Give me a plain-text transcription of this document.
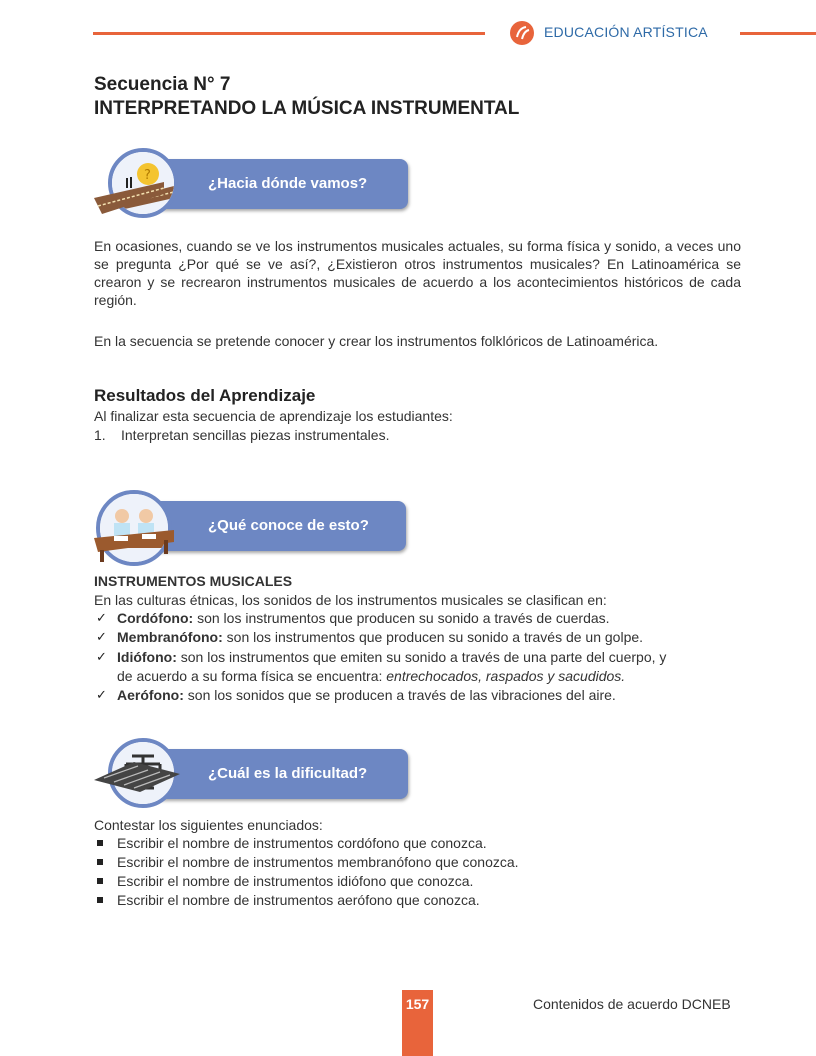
EDUCACIÓN ARTÍSTICA
Secuencia N° 7
INTERPRETANDO LA MÚSICA INSTRUMENTAL
¿Hacia dónde vamos?
?

En ocasiones, cuando se ve los instrumentos musicales actuales, su forma física y sonido, a veces uno se pregunta ¿Por qué se ve así?, ¿Existieron otros instrumentos musicales? En Latinoamérica se crearon y se recrearon instrumentos musicales de acuerdo a los acontecimientos históricos de cada región.

En la secuencia se pretende conocer y crear los instrumentos folklóricos de Latinoamérica.

Resultados del Aprendizaje
Al finalizar esta secuencia de aprendizaje los estudiantes:
1. Interpretan sencillas piezas instrumentales.
¿Qué conoce de esto?
INSTRUMENTOS MUSICALES
En las culturas étnicas, los sonidos de los instrumentos musicales se clasifican en:
✓ Cordófono: son los instrumentos que producen su sonido a través de cuerdas.
✓ Membranófono: son los instrumentos que producen su sonido a través de un golpe.
✓ Idiófono: son los instrumentos que emiten su sonido a través de una parte del cuerpo, y
de acuerdo a su forma física se encuentra: entrechocados, raspados y sacudidos.
✓ Aerófono: son los sonidos que se producen a través de las vibraciones del aire.
¿Cuál es la dificultad?
Contestar los siguientes enunciados:
Escribir el nombre de instrumentos cordófono que conozca.
Escribir el nombre de instrumentos membranófono que conozca.
Escribir el nombre de instrumentos idiófono que conozca.
Escribir el nombre de instrumentos aerófono que conozca.
157	Contenidos de acuerdo DCNEB
